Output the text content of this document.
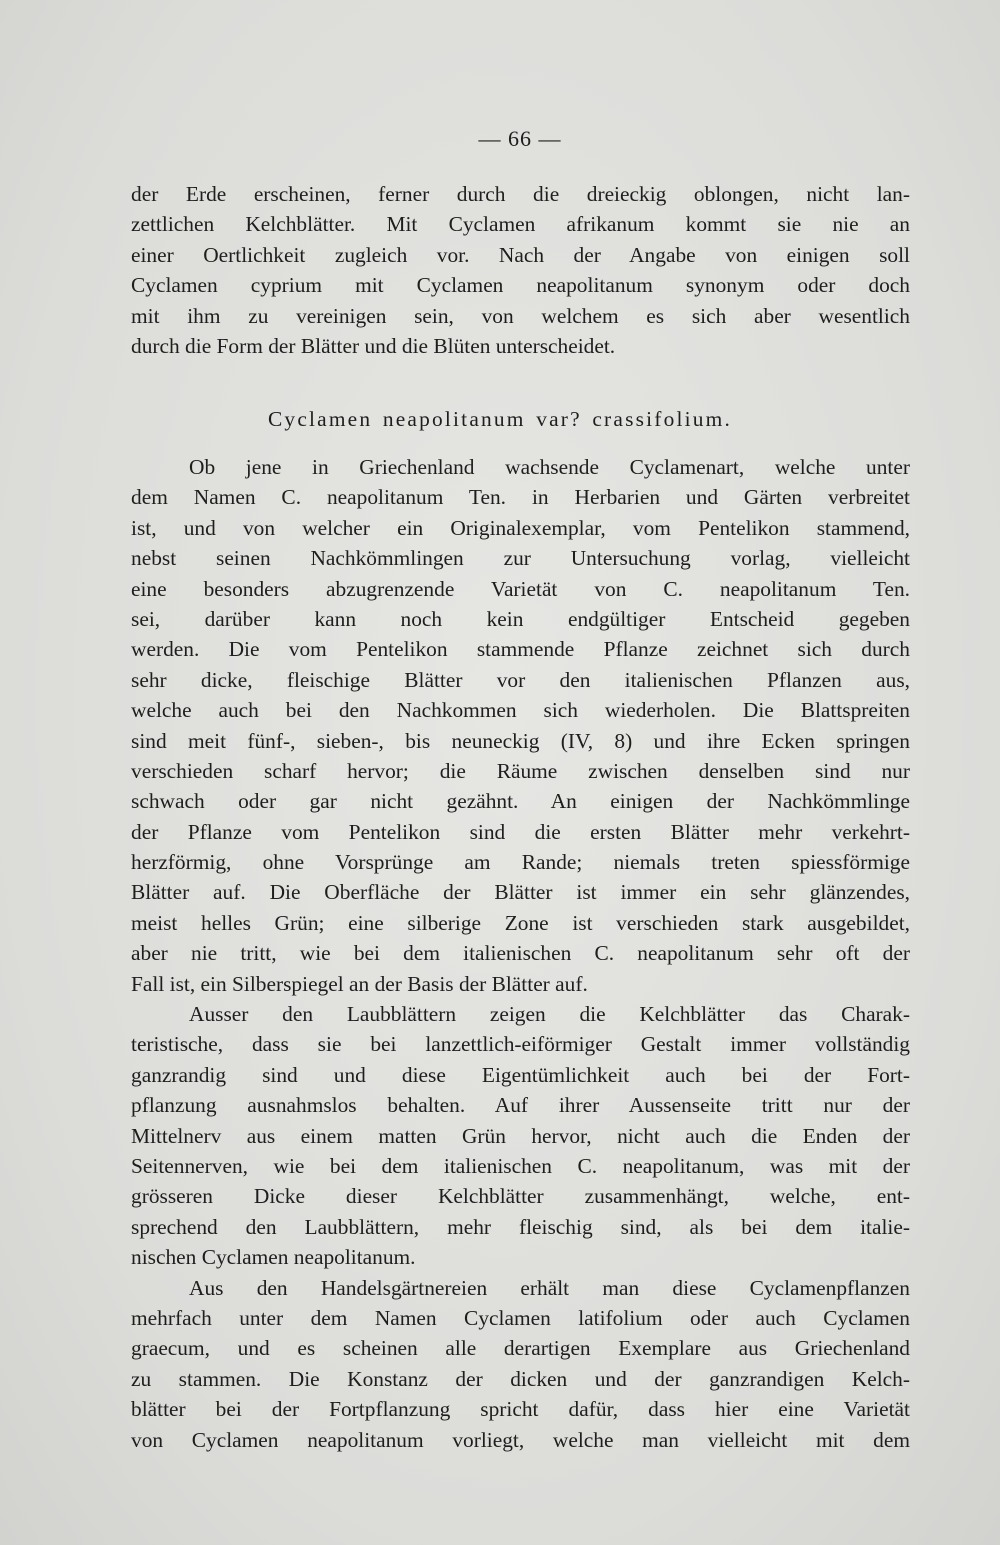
— 66 —
der Erde erscheinen, ferner durch die dreieckig oblongen, nicht lan-
zettlichen Kelchblätter. Mit Cyclamen afrikanum kommt sie nie an
einer Oertlichkeit zugleich vor. Nach der Angabe von einigen soll
Cyclamen cyprium mit Cyclamen neapolitanum synonym oder doch
mit ihm zu vereinigen sein, von welchem es sich aber wesentlich
durch die Form der Blätter und die Blüten unterscheidet.
Cyclamen neapolitanum var? crassifolium.
Ob jene in Griechenland wachsende Cyclamenart, welche unter
dem Namen C. neapolitanum Ten. in Herbarien und Gärten verbreitet
ist, und von welcher ein Originalexemplar, vom Pentelikon stammend,
nebst seinen Nachkömmlingen zur Untersuchung vorlag, vielleicht
eine besonders abzugrenzende Varietät von C. neapolitanum Ten.
sei, darüber kann noch kein endgültiger Entscheid gegeben
werden. Die vom Pentelikon stammende Pflanze zeichnet sich durch
sehr dicke, fleischige Blätter vor den italienischen Pflanzen aus,
welche auch bei den Nachkommen sich wiederholen. Die Blattspreiten
sind meit fünf-, sieben-, bis neuneckig (IV, 8) und ihre Ecken springen
verschieden scharf hervor; die Räume zwischen denselben sind nur
schwach oder gar nicht gezähnt. An einigen der Nachkömmlinge
der Pflanze vom Pentelikon sind die ersten Blätter mehr verkehrt-
herzförmig, ohne Vorsprünge am Rande; niemals treten spiessförmige
Blätter auf. Die Oberfläche der Blätter ist immer ein sehr glänzendes,
meist helles Grün; eine silberige Zone ist verschieden stark ausgebildet,
aber nie tritt, wie bei dem italienischen C. neapolitanum sehr oft der
Fall ist, ein Silberspiegel an der Basis der Blätter auf.
Ausser den Laubblättern zeigen die Kelchblätter das Charak-
teristische, dass sie bei lanzettlich-eiförmiger Gestalt immer vollständig
ganzrandig sind und diese Eigentümlichkeit auch bei der Fort-
pflanzung ausnahmslos behalten. Auf ihrer Aussenseite tritt nur der
Mittelnerv aus einem matten Grün hervor, nicht auch die Enden der
Seitennerven, wie bei dem italienischen C. neapolitanum, was mit der
grösseren Dicke dieser Kelchblätter zusammenhängt, welche, ent-
sprechend den Laubblättern, mehr fleischig sind, als bei dem italie-
nischen Cyclamen neapolitanum.
Aus den Handelsgärtnereien erhält man diese Cyclamenpflanzen
mehrfach unter dem Namen Cyclamen latifolium oder auch Cyclamen
graecum, und es scheinen alle derartigen Exemplare aus Griechenland
zu stammen. Die Konstanz der dicken und der ganzrandigen Kelch-
blätter bei der Fortpflanzung spricht dafür, dass hier eine Varietät
von Cyclamen neapolitanum vorliegt, welche man vielleicht mit dem
